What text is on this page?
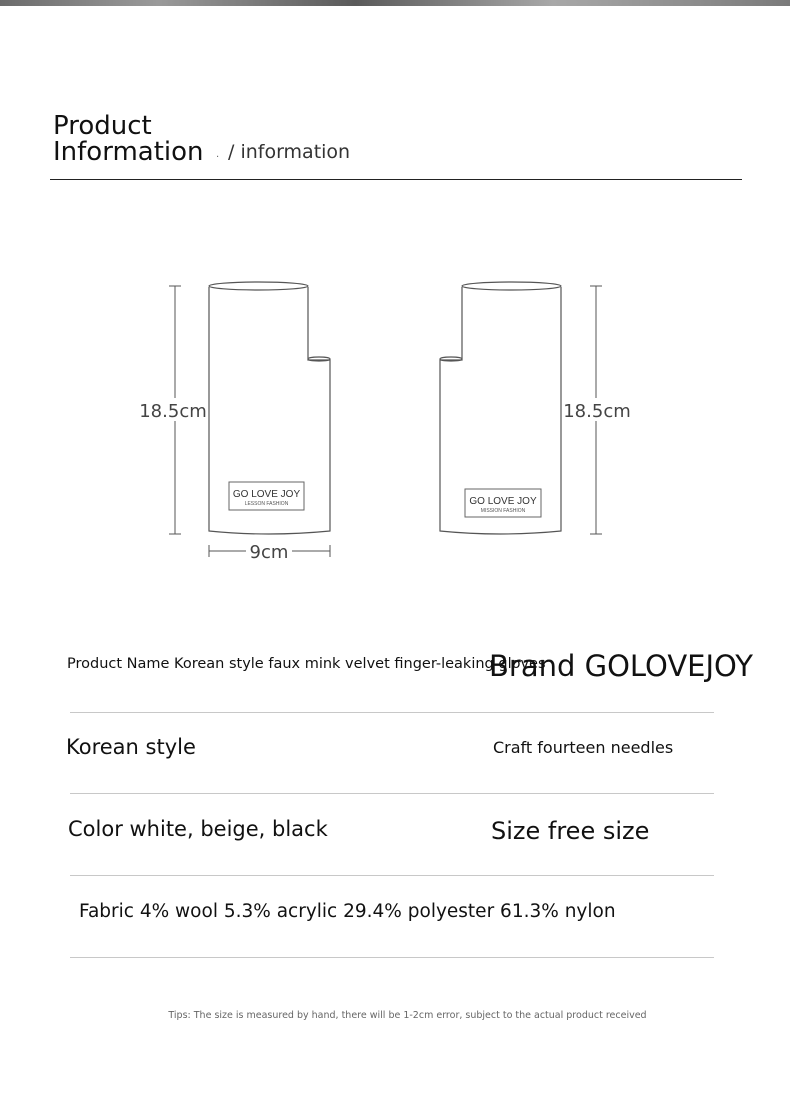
Product
Information · / information
GO LOVE JOY
LESSON FASHION
18.5cm
9cm
GO LOVE JOY
MISSION FASHION
18.5cm
Product Name Korean style faux mink velvet finger-leaking gloves
Brand GOLOVEJOY
Korean style	Craft fourteen needles
Color white, beige, black	Size free size
Fabric 4% wool 5.3% acrylic 29.4% polyester 61.3% nylon
Tips: The size is measured by hand, there will be 1-2cm error, subject to the actual product received
